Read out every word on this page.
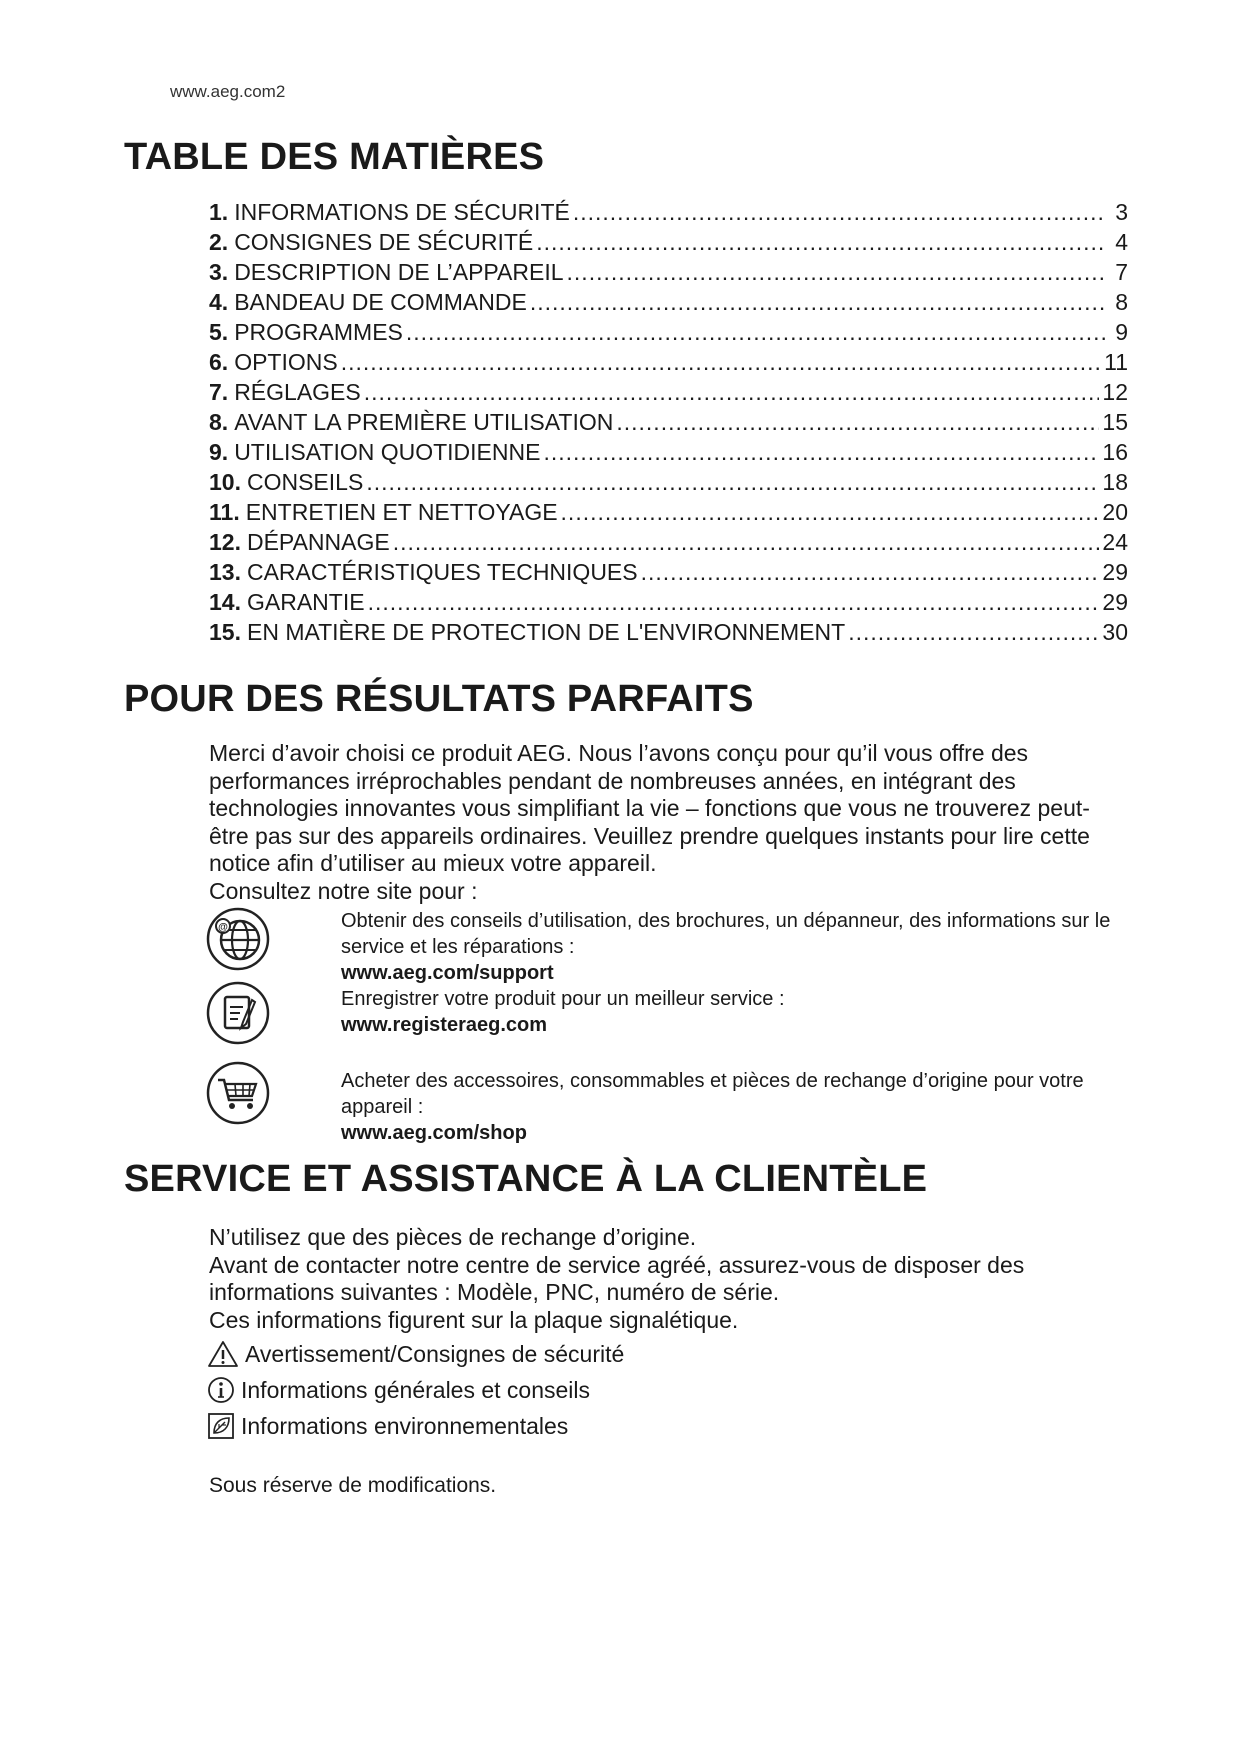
www.aeg.com2
TABLE DES MATIÈRES
1. INFORMATIONS DE SÉCURITÉ .....	3
2. CONSIGNES DE SÉCURITÉ .....	4
3. DESCRIPTION DE L’APPAREIL .....	7
4. BANDEAU DE COMMANDE .....	8
5. PROGRAMMES .....	9
6. OPTIONS .....	11
7. RÉGLAGES .....	12
8. AVANT LA PREMIÈRE UTILISATION .....	15
9. UTILISATION QUOTIDIENNE .....	16
10. CONSEILS .....	18
11. ENTRETIEN ET NETTOYAGE .....	20
12. DÉPANNAGE .....	24
13. CARACTÉRISTIQUES TECHNIQUES .....	29
14. GARANTIE .....	29
15. EN MATIÈRE DE PROTECTION DE L'ENVIRONNEMENT .....	30
POUR DES RÉSULTATS PARFAITS

Merci d’avoir choisi ce produit AEG. Nous l’avons conçu pour qu’il vous offre des performances irréprochables pendant de nombreuses années, en intégrant des technologies innovantes vous simplifiant la vie – fonctions que vous ne trouverez peut-être pas sur des appareils ordinaires. Veuillez prendre quelques instants pour lire cette notice afin d’utiliser au mieux votre appareil.

Consultez notre site pour :

@	Obtenir des conseils d’utilisation, des brochures, un dépanneur, des informations sur le service et les réparations :
www.aeg.com/support
Enregistrer votre produit pour un meilleur service :
www.registeraeg.com
Acheter des accessoires, consommables et pièces de rechange d’origine pour votre appareil :
www.aeg.com/shop
SERVICE ET ASSISTANCE À LA CLIENTÈLE

N’utilisez que des pièces de rechange d’origine.

Avant de contacter notre centre de service agréé, assurez-vous de disposer des informations suivantes : Modèle, PNC, numéro de série.

Ces informations figurent sur la plaque signalétique.

Avertissement/Consignes de sécurité
Informations générales et conseils
Informations environnementales
Sous réserve de modifications.
